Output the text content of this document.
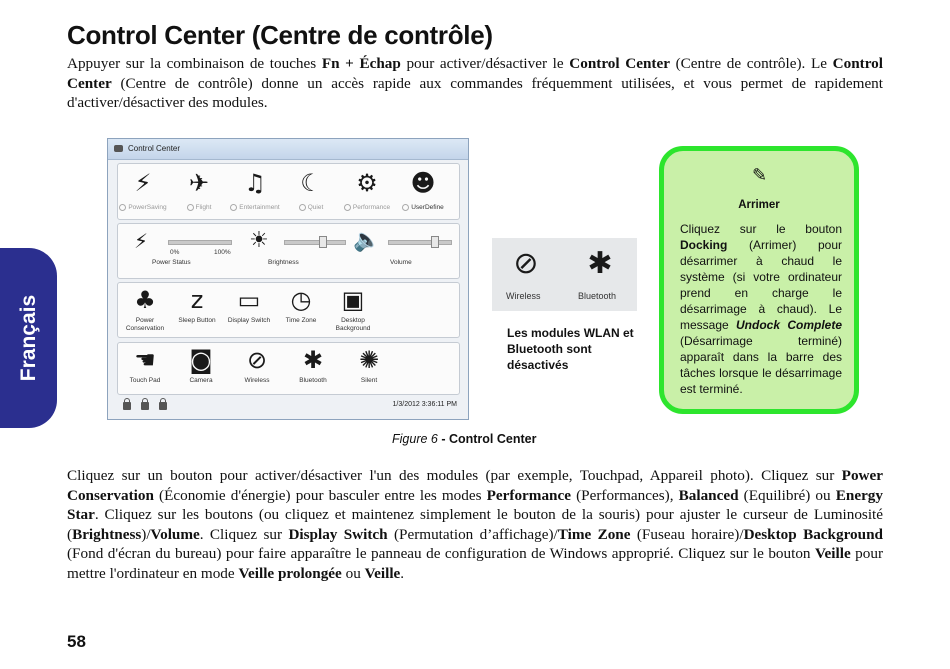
Français
Control Center (Centre de contrôle)

Appuyer sur la combinaison de touches Fn + Échap pour activer/désactiver le Control Center (Centre de contrôle). Le Control Center (Centre de contrôle) donne un accès rapide aux commandes fréquemment utilisées, et vous permet de rapidement d'activer/désactiver des modules.

Control Center
⚡
PowerSaving
✈
Flight
♫
Entertainment
☾
Quiet
⚙
Performance
☻
UserDefine
⚡	0%	100%
Power Status
☀
Brightness
🔈
Volume
♣
Power
Conservation
z
Sleep Button
▭
Display Switch
◷
Time Zone
▣
Desktop
Background
☚
Touch Pad
◙
Camera
⊘
Wireless
✱
Bluetooth
✺
Silent
1/3/2012 3:36:11 PM
⊘
Wireless
✱
Bluetooth
Les modules WLAN et Bluetooth sont désactivés
✎
Arrimer
Cliquez sur le bouton Docking (Arrimer) pour désarrimer à chaud le système (si votre ordinateur prend en charge le désarrimage à chaud). Le message Undock Complete (Désarrimage terminé) apparaît dans la barre des tâches lorsque le désarrimage est terminé.
Figure 6 - Control Center

Cliquez sur un bouton pour activer/désactiver l'un des modules (par exemple, Touchpad, Appareil photo). Cliquez sur Power Conservation (Économie d'énergie) pour basculer entre les modes Performance (Performances), Balanced (Equilibré) ou Energy Star. Cliquez sur les boutons (ou cliquez et maintenez simplement le bouton de la souris) pour ajuster le curseur de Luminosité (Brightness)/Volume. Cliquez sur Display Switch (Permutation d’affichage)/Time Zone (Fuseau horaire)/Desktop Background (Fond d'écran du bureau) pour faire apparaître le panneau de configuration de Windows approprié. Cliquez sur le bouton Veille pour mettre l'ordinateur en mode Veille prolongée ou Veille.

58
